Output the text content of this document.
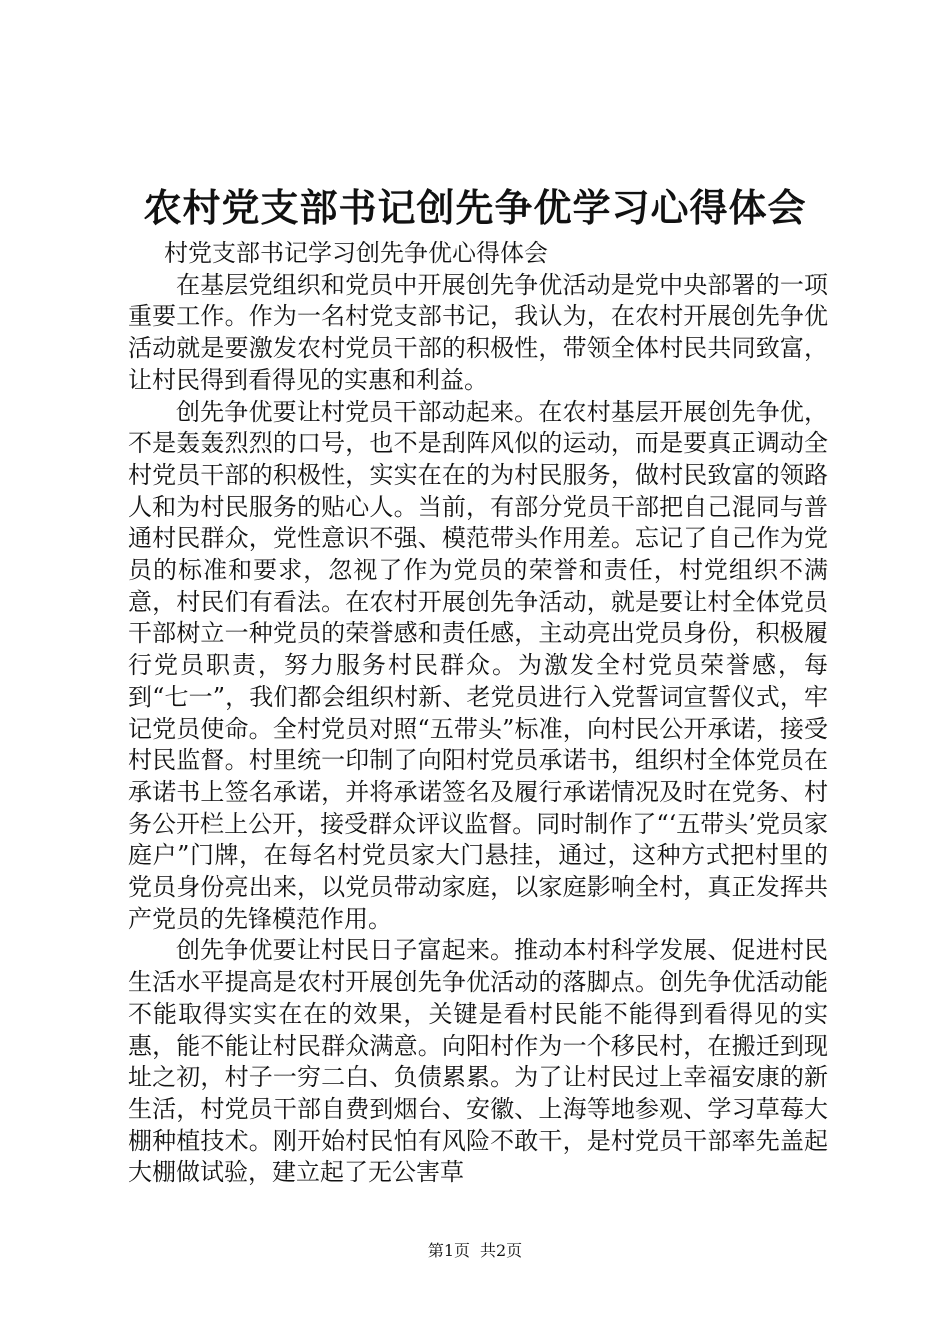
农村党支部书记创先争优学习心得体会

村党支部书记学习创先争优心得体会

在基层党组织和党员中开展创先争优活动是党中央部署的一项重要工作。作为一名村党支部书记，我认为，在农村开展创先争优活动就是要激发农村党员干部的积极性，带领全体村民共同致富，让村民得到看得见的实惠和利益。

创先争优要让村党员干部动起来。在农村基层开展创先争优，不是轰轰烈烈的口号，也不是刮阵风似的运动，而是要真正调动全村党员干部的积极性，实实在在的为村民服务，做村民致富的领路人和为村民服务的贴心人。当前，有部分党员干部把自己混同与普通村民群众，党性意识不强、模范带头作用差。忘记了自己作为党员的标准和要求，忽视了作为党员的荣誉和责任，村党组织不满意，村民们有看法。在农村开展创先争活动，就是要让村全体党员干部树立一种党员的荣誉感和责任感，主动亮出党员身份，积极履行党员职责，努力服务村民群众。为激发全村党员荣誉感，每到“七一”，我们都会组织村新、老党员进行入党誓词宣誓仪式，牢记党员使命。全村党员对照“五带头”标准，向村民公开承诺，接受村民监督。村里统一印制了向阳村党员承诺书，组织村全体党员在承诺书上签名承诺，并将承诺签名及履行承诺情况及时在党务、村务公开栏上公开，接受群众评议监督。同时制作了“‘五带头’党员家庭户”门牌，在每名村党员家大门悬挂，通过，这种方式把村里的党员身份亮出来，以党员带动家庭，以家庭影响全村，真正发挥共产党员的先锋模范作用。

创先争优要让村民日子富起来。推动本村科学发展、促进村民生活水平提高是农村开展创先争优活动的落脚点。创先争优活动能不能取得实实在在的效果，关键是看村民能不能得到看得见的实惠，能不能让村民群众满意。向阳村作为一个移民村，在搬迁到现址之初，村子一穷二白、负债累累。为了让村民过上幸福安康的新生活，村党员干部自费到烟台、安徽、上海等地参观、学习草莓大棚种植技术。刚开始村民怕有风险不敢干，是村党员干部率先盖起大棚做试验，建立起了无公害草

第1页 共2页
